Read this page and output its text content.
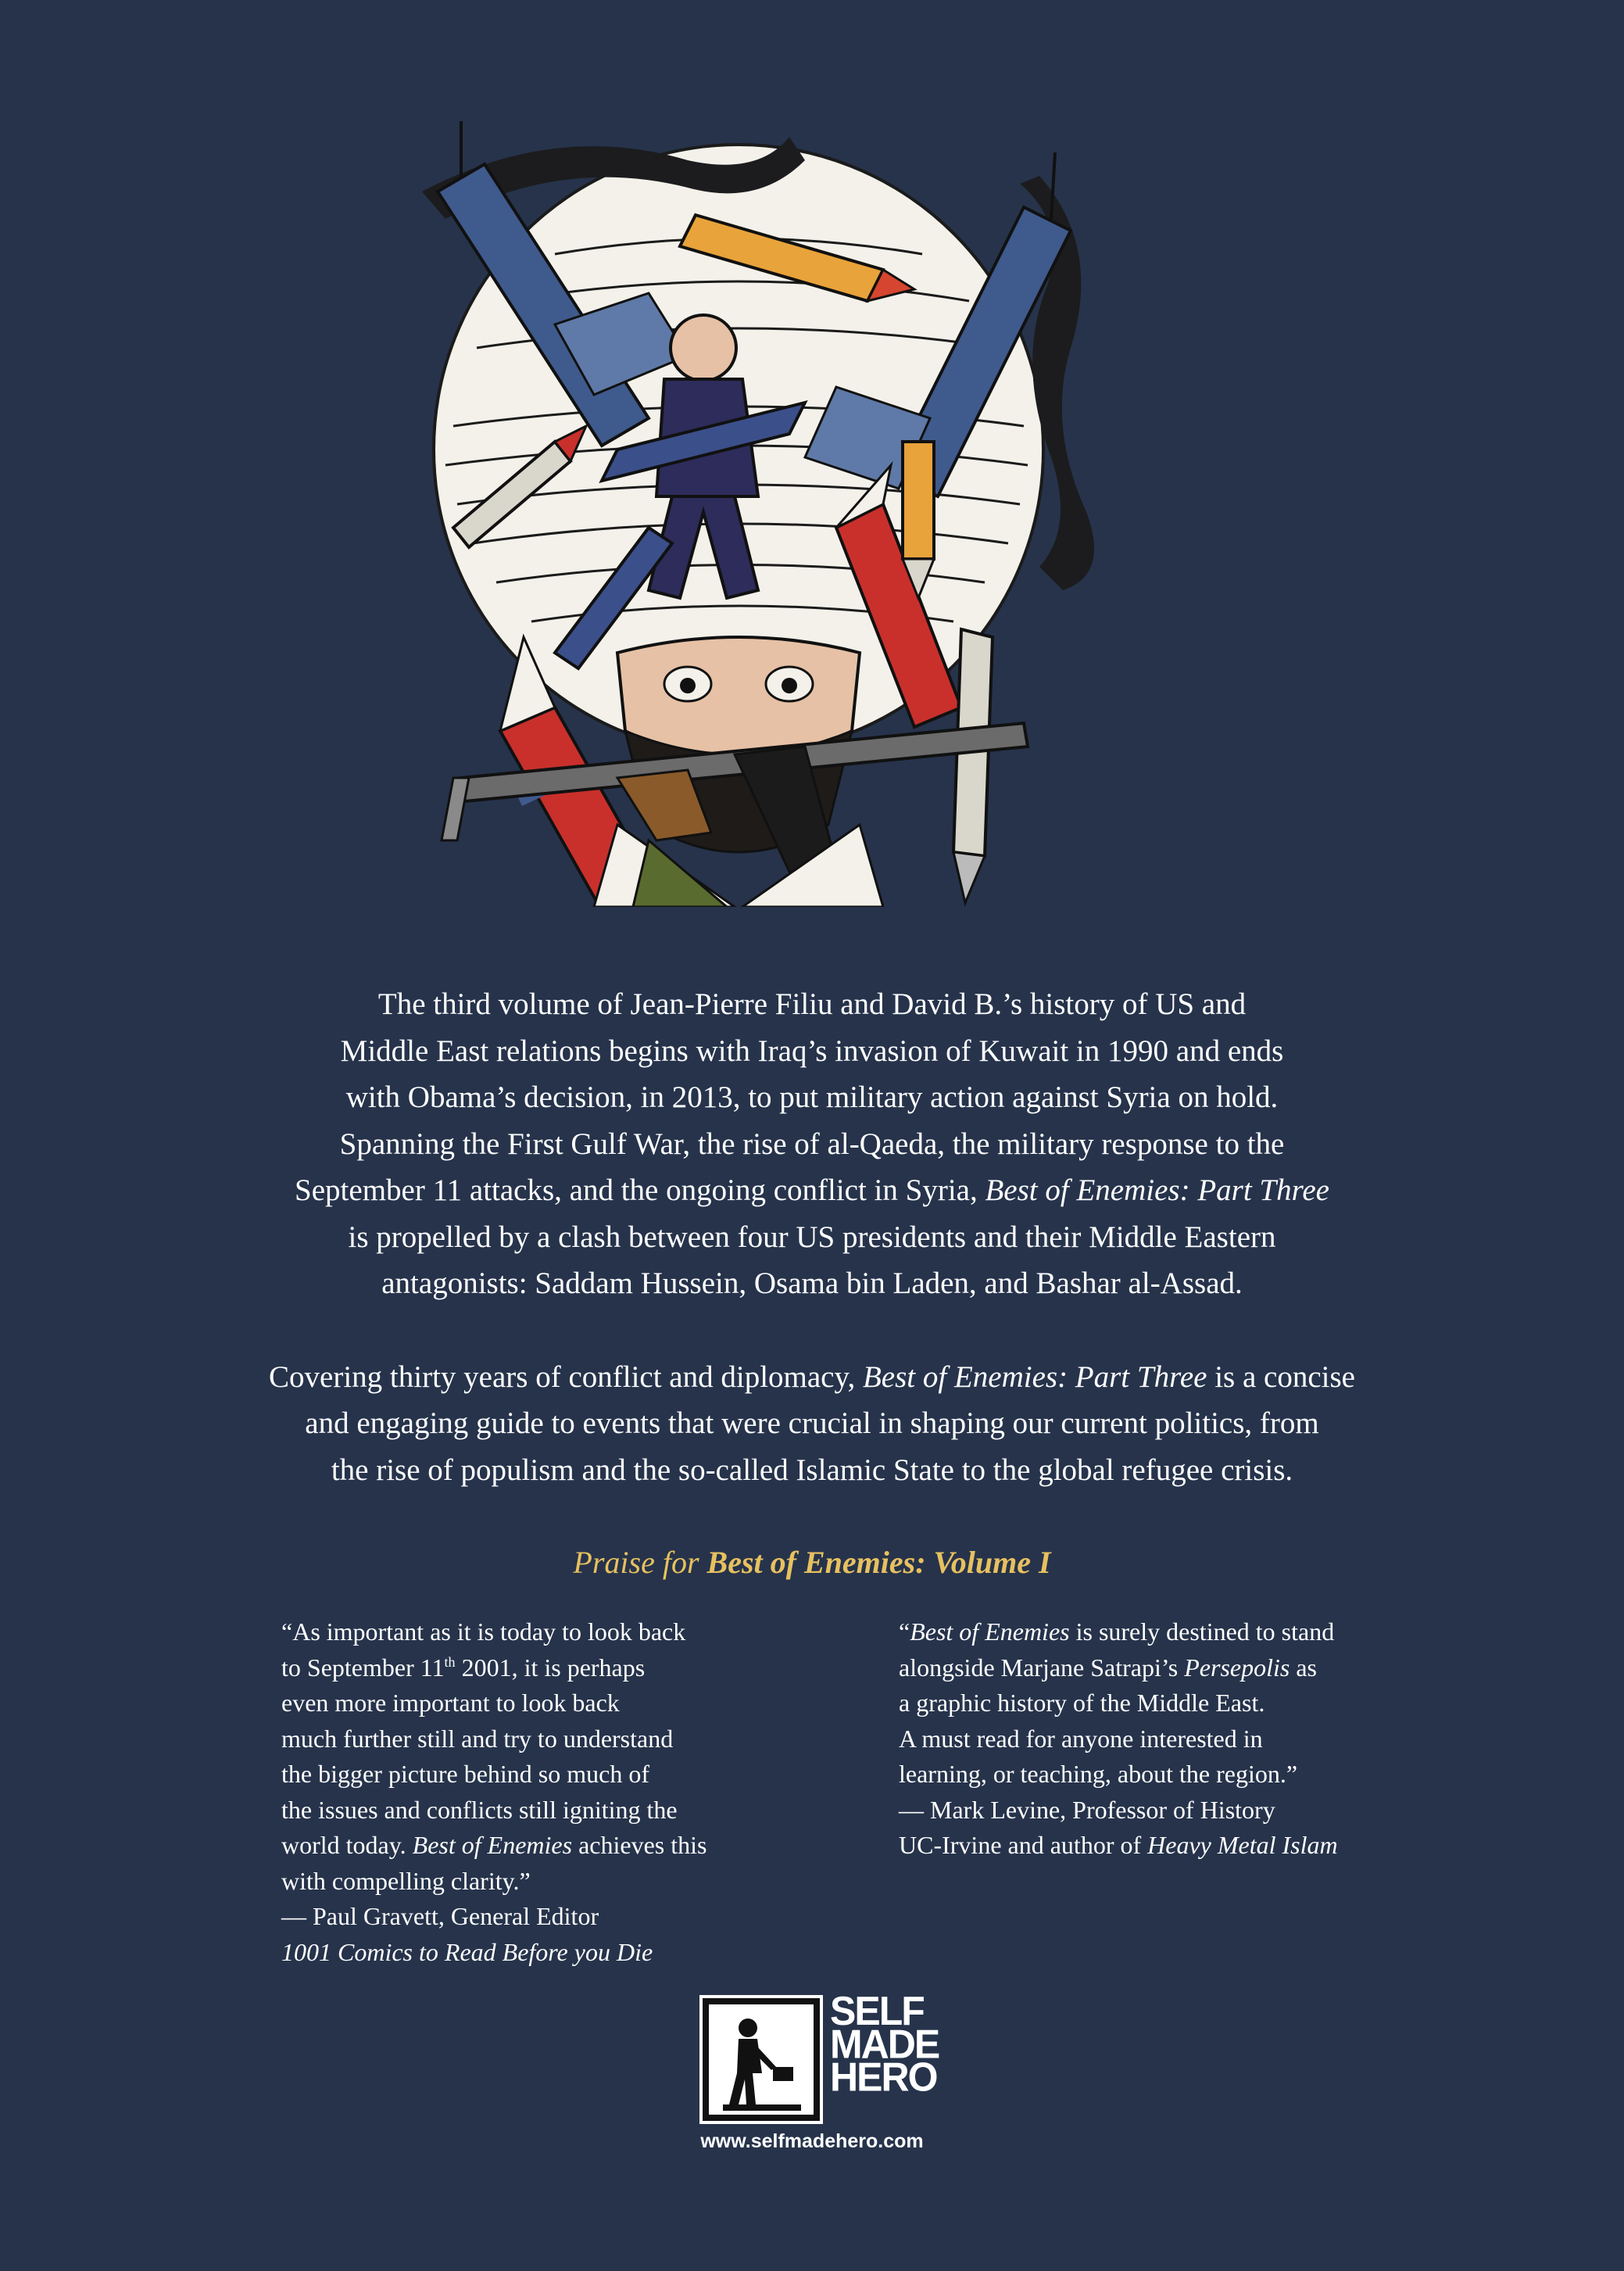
The third volume of Jean-Pierre Filiu and David B.’s history of US and
Middle East relations begins with Iraq’s invasion of Kuwait in 1990 and ends
with Obama’s decision, in 2013, to put military action against Syria on hold.
Spanning the First Gulf War, the rise of al-Qaeda, the military response to the
September 11 attacks, and the ongoing conflict in Syria, Best of Enemies: Part Three
is propelled by a clash between four US presidents and their Middle Eastern
antagonists: Saddam Hussein, Osama bin Laden, and Bashar al-Assad.

Covering thirty years of conflict and diplomacy, Best of Enemies: Part Three is a concise
and engaging guide to events that were crucial in shaping our current politics, from
the rise of populism and the so-called Islamic State to the global refugee crisis.

Praise for Best of Enemies: Volume I
“As important as it is today to look back
to September 11th 2001, it is perhaps
even more important to look back
much further still and try to understand
the bigger picture behind so much of
the issues and conflicts still igniting the
world today. Best of Enemies achieves this
with compelling clarity.”
— Paul Gravett, General Editor
1001 Comics to Read Before you Die
“Best of Enemies is surely destined to stand
alongside Marjane Satrapi’s Persepolis as
a graphic history of the Middle East.
A must read for anyone interested in
learning, or teaching, about the region.”
— Mark Levine, Professor of History
UC-Irvine and author of Heavy Metal Islam
SELF
MADE
HERO
www.selfmadehero.com
